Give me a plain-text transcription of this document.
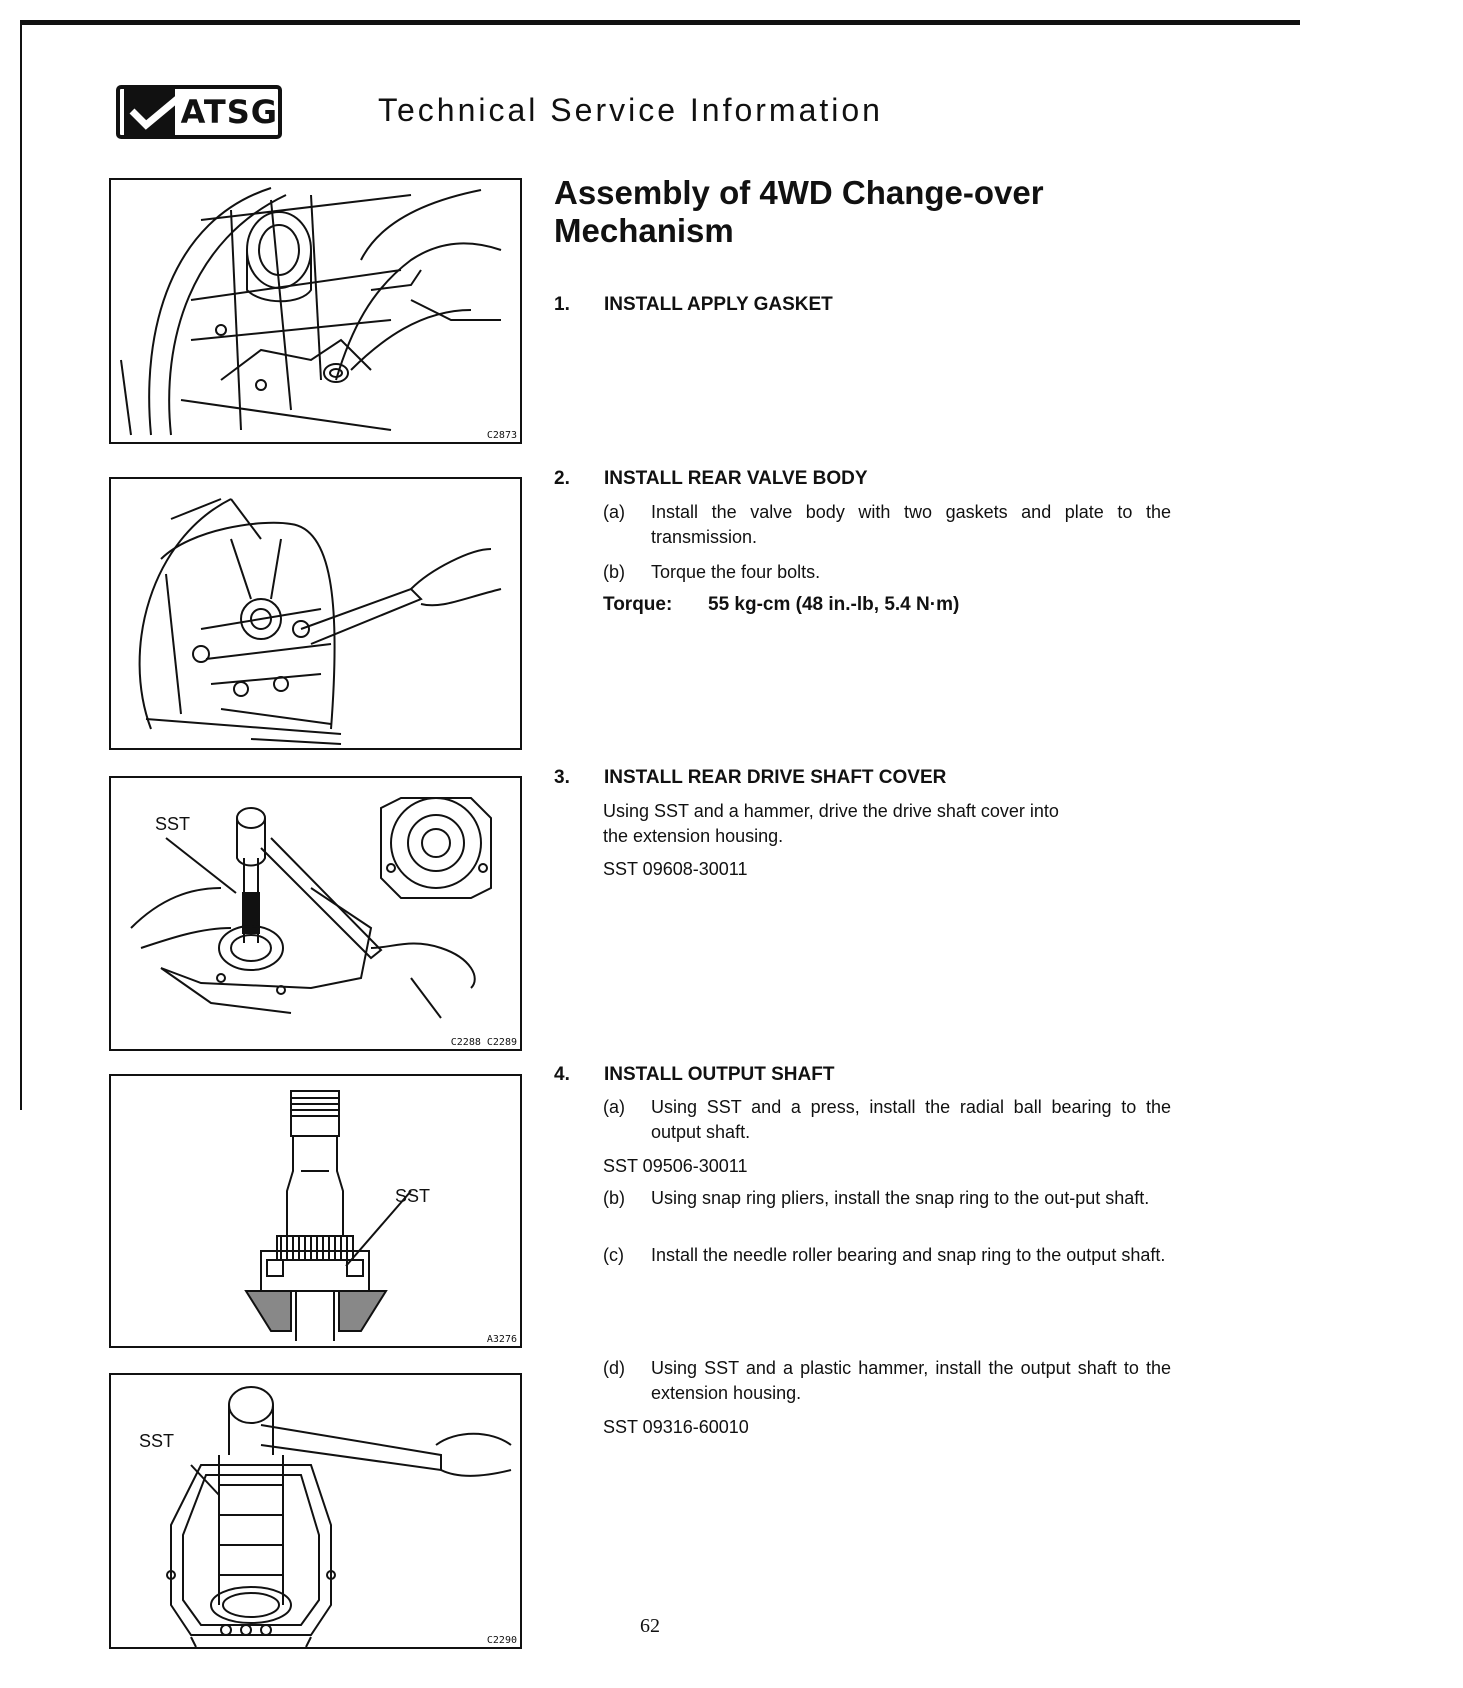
ATSG	Technical Service Information
C2873
SST
C2288 C2289
SST
A3276
SST
C2290
Assembly of 4WD Change-over Mechanism
1. INSTALL APPLY GASKET
2. INSTALL REAR VALVE BODY
(a) Install the valve body with two gaskets and plate to the transmission.
(b) Torque the four bolts.
Torque: 55 kg-cm (48 in.-lb, 5.4 N·m)
3. INSTALL REAR DRIVE SHAFT COVER
Using SST and a hammer, drive the drive shaft cover into
the extension housing.
SST 09608-30011
4. INSTALL OUTPUT SHAFT
(a) Using SST and a press, install the radial ball bearing to the output shaft.
SST 09506-30011
(b) Using snap ring pliers, install the snap ring to the out-put shaft.
(c) Install the needle roller bearing and snap ring to the output shaft.
(d) Using SST and a plastic hammer, install the output shaft to the extension housing.
SST 09316-60010
62
